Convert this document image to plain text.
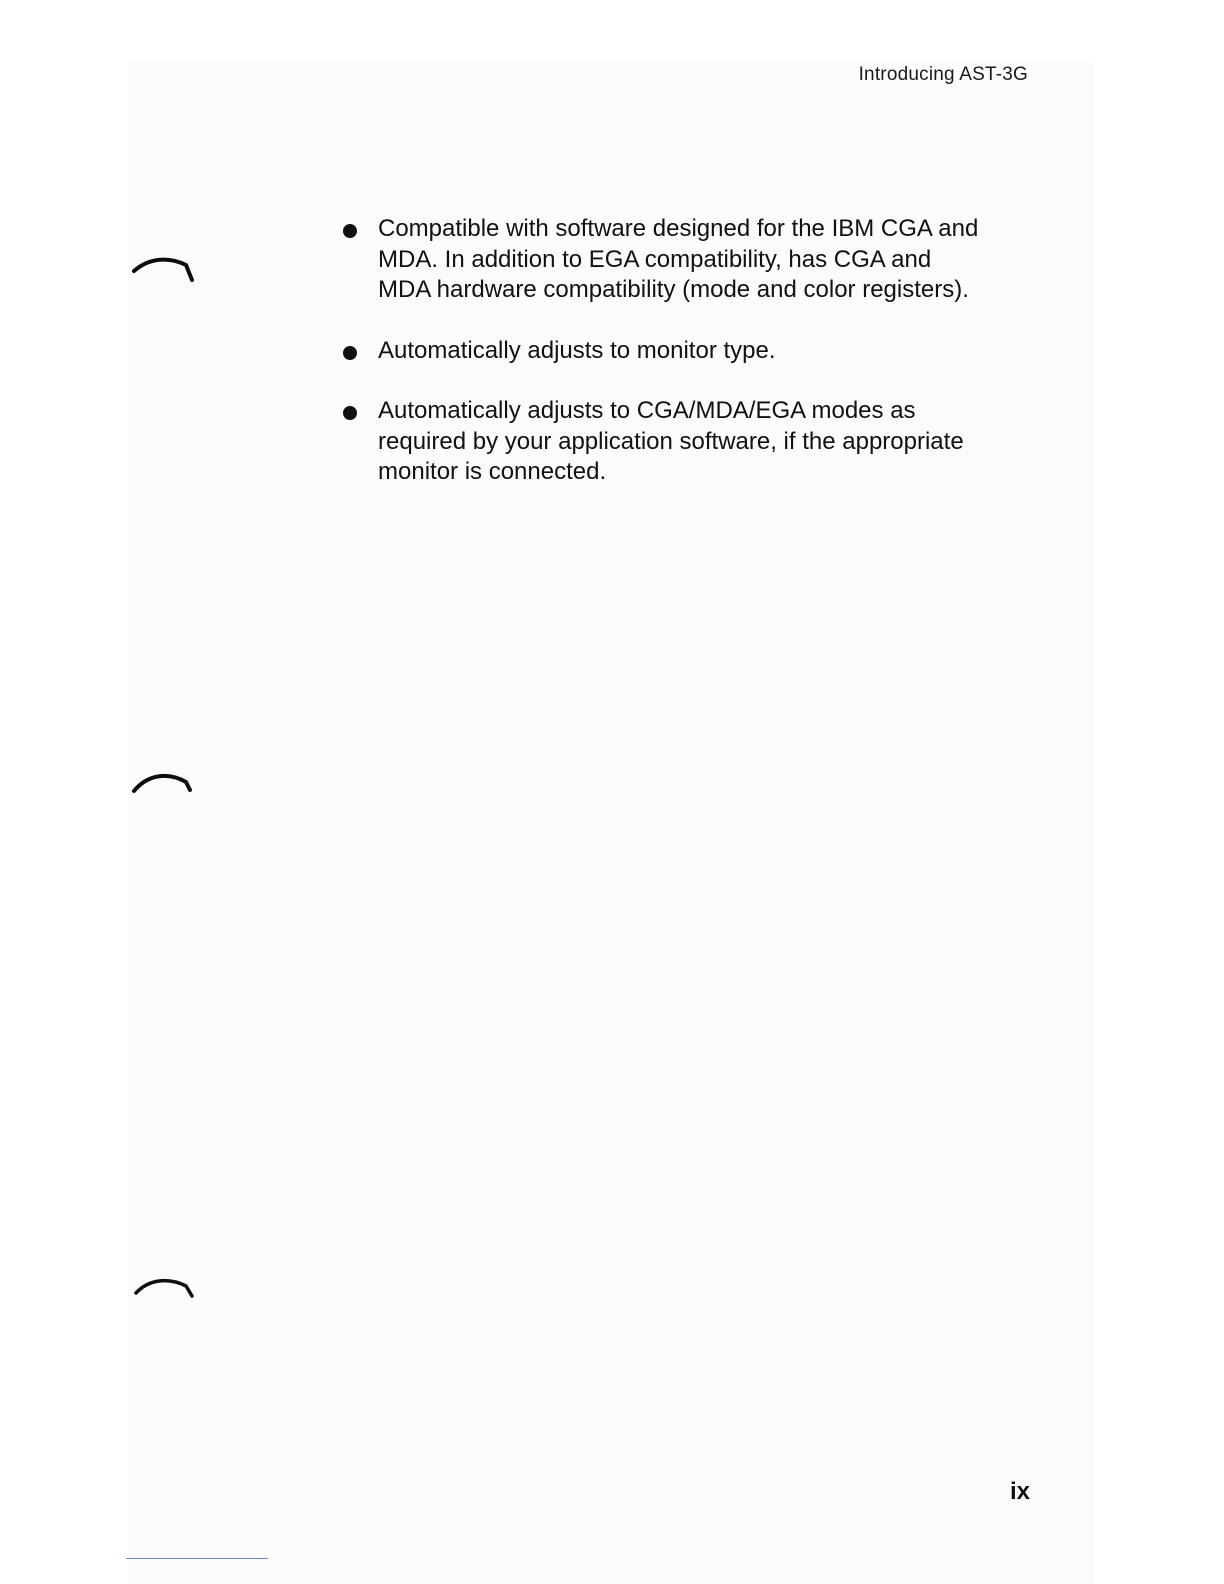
Introducing AST-3G
Compatible with software designed for the IBM CGA and
MDA. In addition to EGA compatibility, has CGA and
MDA hardware compatibility (mode and color registers).
Automatically adjusts to monitor type.
Automatically adjusts to CGA/MDA/EGA modes as
required by your application software, if the appropriate
monitor is connected.
ix
